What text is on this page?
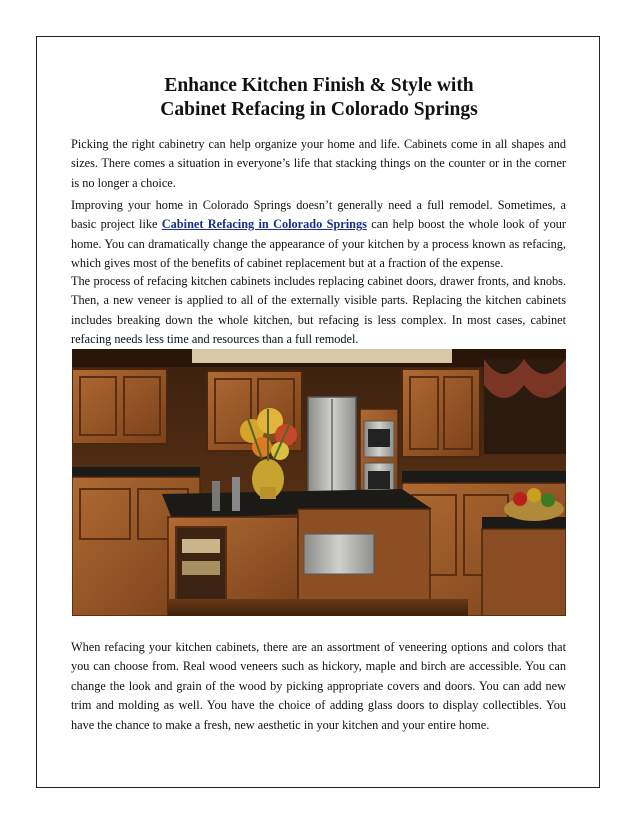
Enhance Kitchen Finish & Style with
Cabinet Refacing in Colorado Springs

Picking the right cabinetry can help organize your home and life. Cabinets come in all shapes and sizes. There comes a situation in everyone’s life that stacking things on the counter or in the corner is no longer a choice.

Improving your home in Colorado Springs doesn’t generally need a full remodel. Sometimes, a basic project like Cabinet Refacing in Colorado Springs can help boost the whole look of your home. You can dramatically change the appearance of your kitchen by a process known as refacing, which gives most of the benefits of cabinet replacement but at a fraction of the expense.

The process of refacing kitchen cabinets includes replacing cabinet doors, drawer fronts, and knobs. Then, a new veneer is applied to all of the externally visible parts. Replacing the kitchen cabinets includes breaking down the whole kitchen, but refacing is less complex. In most cases, cabinet refacing needs less time and resources than a full remodel.

When refacing your kitchen cabinets, there are an assortment of veneering options and colors that you can choose from. Real wood veneers such as hickory, maple and birch are accessible. You can change the look and grain of the wood by picking appropriate covers and doors. You can add new trim and molding as well. You have the choice of adding glass doors to display collectibles. You have the chance to make a fresh, new aesthetic in your kitchen and your entire home.
